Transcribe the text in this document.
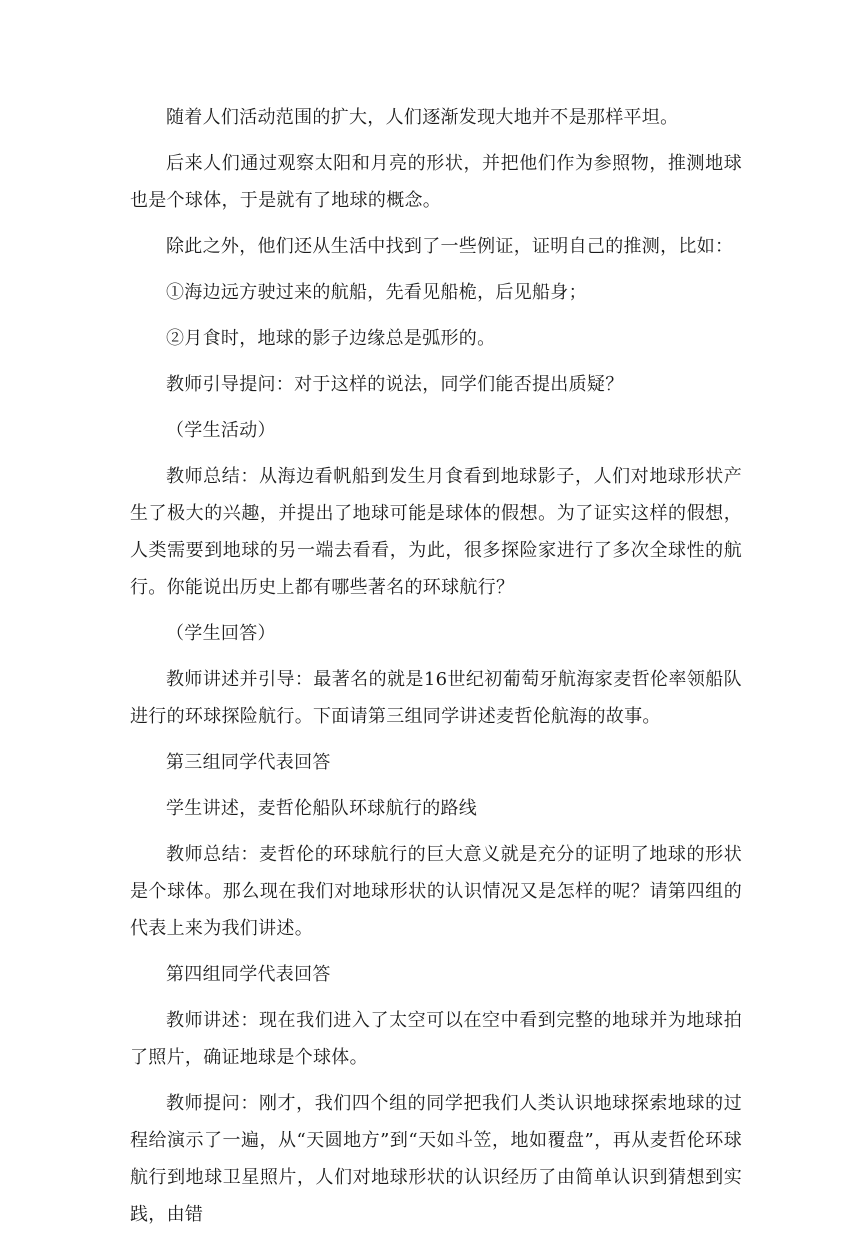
随着人们活动范围的扩大，人们逐渐发现大地并不是那样平坦。

后来人们通过观察太阳和月亮的形状，并把他们作为参照物，推测地球也是个球体，于是就有了地球的概念。

除此之外，他们还从生活中找到了一些例证，证明自己的推测，比如：

①海边远方驶过来的航船，先看见船桅，后见船身；

②月食时，地球的影子边缘总是弧形的。

教师引导提问：对于这样的说法，同学们能否提出质疑？

（学生活动）

教师总结：从海边看帆船到发生月食看到地球影子，人们对地球形状产生了极大的兴趣，并提出了地球可能是球体的假想。为了证实这样的假想，人类需要到地球的另一端去看看，为此，很多探险家进行了多次全球性的航行。你能说出历史上都有哪些著名的环球航行？

（学生回答）

教师讲述并引导：最著名的就是16世纪初葡萄牙航海家麦哲伦率领船队进行的环球探险航行。下面请第三组同学讲述麦哲伦航海的故事。

第三组同学代表回答

学生讲述，麦哲伦船队环球航行的路线

教师总结：麦哲伦的环球航行的巨大意义就是充分的证明了地球的形状是个球体。那么现在我们对地球形状的认识情况又是怎样的呢？请第四组的代表上来为我们讲述。

第四组同学代表回答

教师讲述：现在我们进入了太空可以在空中看到完整的地球并为地球拍了照片，确证地球是个球体。

教师提问：刚才，我们四个组的同学把我们人类认识地球探索地球的过程给演示了一遍，从“天圆地方”到“天如斗笠，地如覆盘”，再从麦哲伦环球航行到地球卫星照片，人们对地球形状的认识经历了由简单认识到猜想到实践，由错
